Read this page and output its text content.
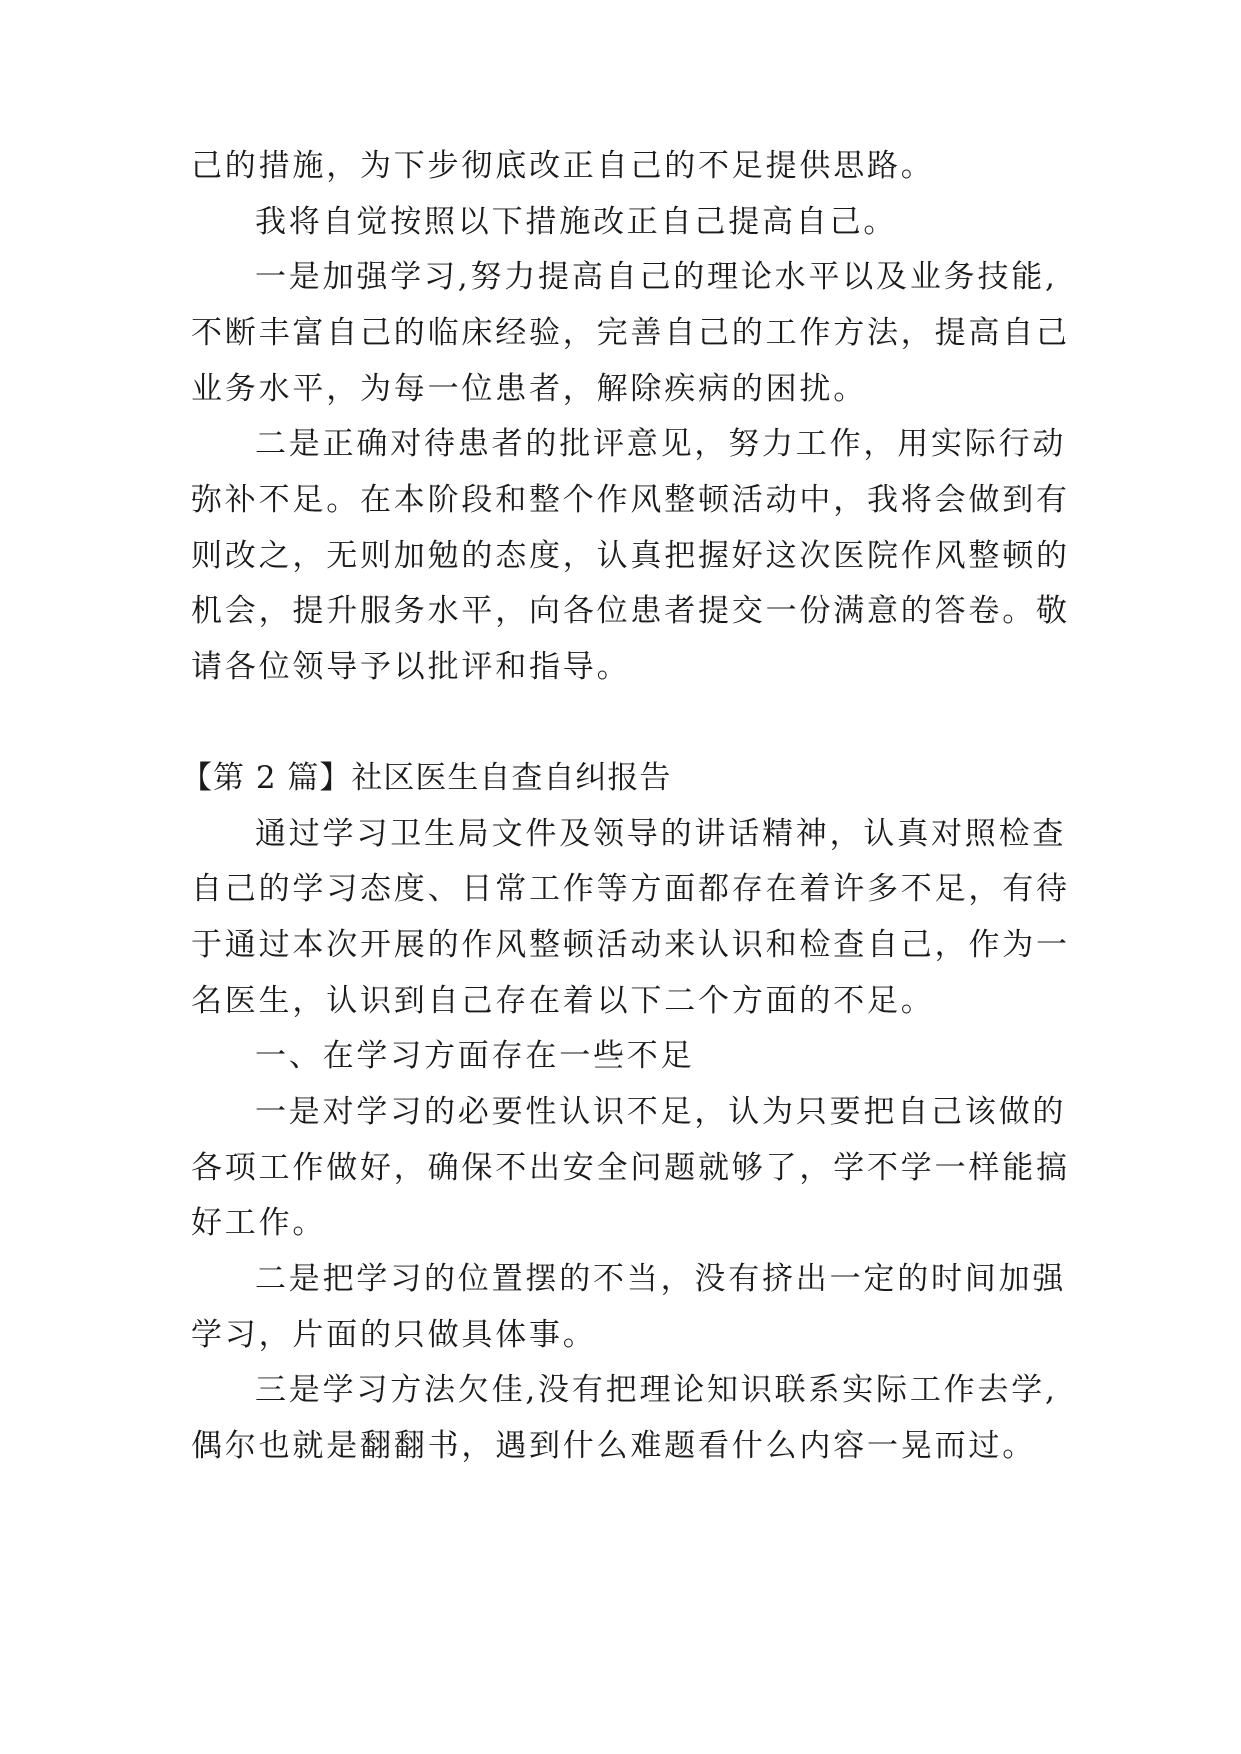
己的措施，为下步彻底改正自己的不足提供思路。
我将自觉按照以下措施改正自己提高自己。
一是加强学习,努力提高自己的理论水平以及业务技能,
不断丰富自己的临床经验，完善自己的工作方法，提高自己
业务水平，为每一位患者，解除疾病的困扰。
二是正确对待患者的批评意见，努力工作，用实际行动
弥补不足。在本阶段和整个作风整顿活动中，我将会做到有
则改之，无则加勉的态度，认真把握好这次医院作风整顿的
机会，提升服务水平，向各位患者提交一份满意的答卷。敬
请各位领导予以批评和指导。
【第 2 篇】社区医生自查自纠报告
通过学习卫生局文件及领导的讲话精神，认真对照检查
自己的学习态度、日常工作等方面都存在着许多不足，有待
于通过本次开展的作风整顿活动来认识和检查自己，作为一
名医生，认识到自己存在着以下二个方面的不足。
一、在学习方面存在一些不足
一是对学习的必要性认识不足，认为只要把自己该做的
各项工作做好，确保不出安全问题就够了，学不学一样能搞
好工作。
二是把学习的位置摆的不当，没有挤出一定的时间加强
学习，片面的只做具体事。
三是学习方法欠佳,没有把理论知识联系实际工作去学,
偶尔也就是翻翻书，遇到什么难题看什么内容一晃而过。
